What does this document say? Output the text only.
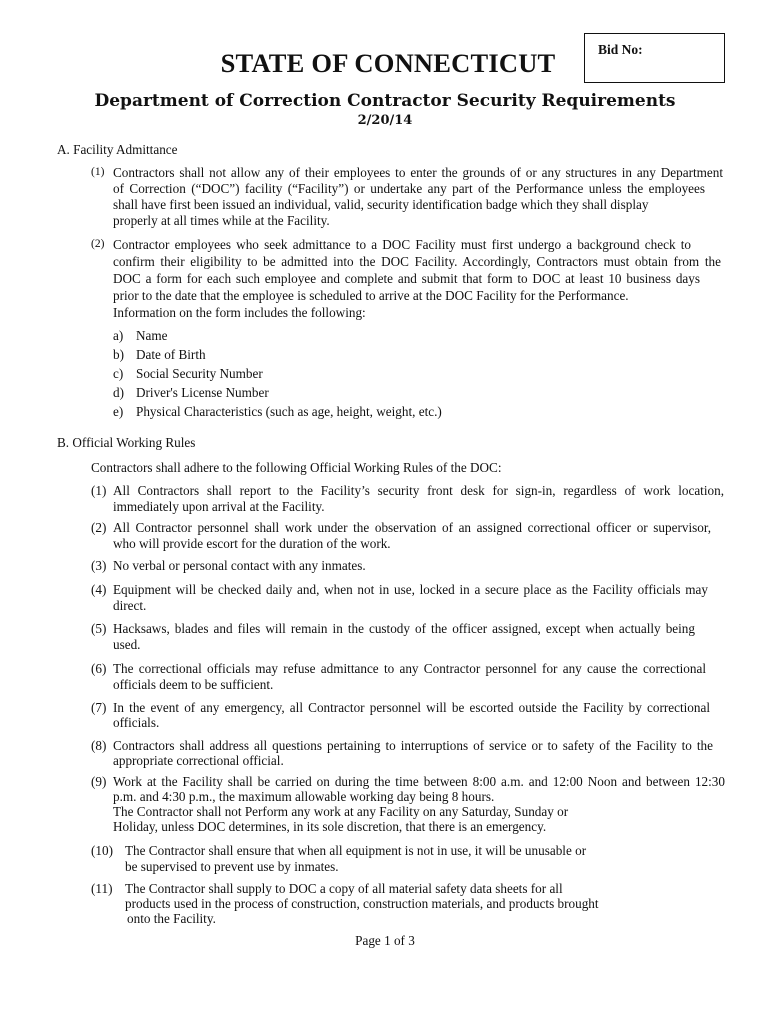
Bid No:
STATE OF CONNECTICUT
Department of Correction Contractor Security Requirements
2/20/14
A. Facility Admittance
(1) Contractors shall not allow any of their employees to enter the grounds of or any structures in any Department
of Correction (“DOC”) facility (“Facility”) or undertake any part of the Performance unless the employees
shall have first been issued an individual, valid, security identification badge which they shall display
properly at all times while at the Facility.
(2) Contractor employees who seek admittance to a DOC Facility must first undergo a background check to
confirm their eligibility to be admitted into the DOC Facility. Accordingly, Contractors must obtain from the
DOC a form for each such employee and complete and submit that form to DOC at least 10 business days
prior to the date that the employee is scheduled to arrive at the DOC Facility for the Performance.
Information on the form includes the following:
a) Name
b) Date of Birth
c) Social Security Number
d) Driver's License Number
e) Physical Characteristics (such as age, height, weight, etc.)
B. Official Working Rules
Contractors shall adhere to the following Official Working Rules of the DOC:
(1) All Contractors shall report to the Facility’s security front desk for sign-in, regardless of work location,
immediately upon arrival at the Facility.
(2) All Contractor personnel shall work under the observation of an assigned correctional officer or supervisor,
who will provide escort for the duration of the work.
(3) No verbal or personal contact with any inmates.
(4) Equipment will be checked daily and, when not in use, locked in a secure place as the Facility officials may
direct.
(5) Hacksaws, blades and files will remain in the custody of the officer assigned, except when actually being
used.
(6) The correctional officials may refuse admittance to any Contractor personnel for any cause the correctional
officials deem to be sufficient.
(7) In the event of any emergency, all Contractor personnel will be escorted outside the Facility by correctional
officials.
(8) Contractors shall address all questions pertaining to interruptions of service or to safety of the Facility to the
appropriate correctional official.
(9) Work at the Facility shall be carried on during the time between 8:00 a.m. and 12:00 Noon and between 12:30
p.m. and 4:30 p.m., the maximum allowable working day being 8 hours.
The Contractor shall not Perform any work at any Facility on any Saturday, Sunday or
Holiday, unless DOC determines, in its sole discretion, that there is an emergency.
(10) The Contractor shall ensure that when all equipment is not in use, it will be unusable or
be supervised to prevent use by inmates.
(11) The Contractor shall supply to DOC a copy of all material safety data sheets for all
products used in the process of construction, construction materials, and products brought
onto the Facility.
Page 1 of 3
